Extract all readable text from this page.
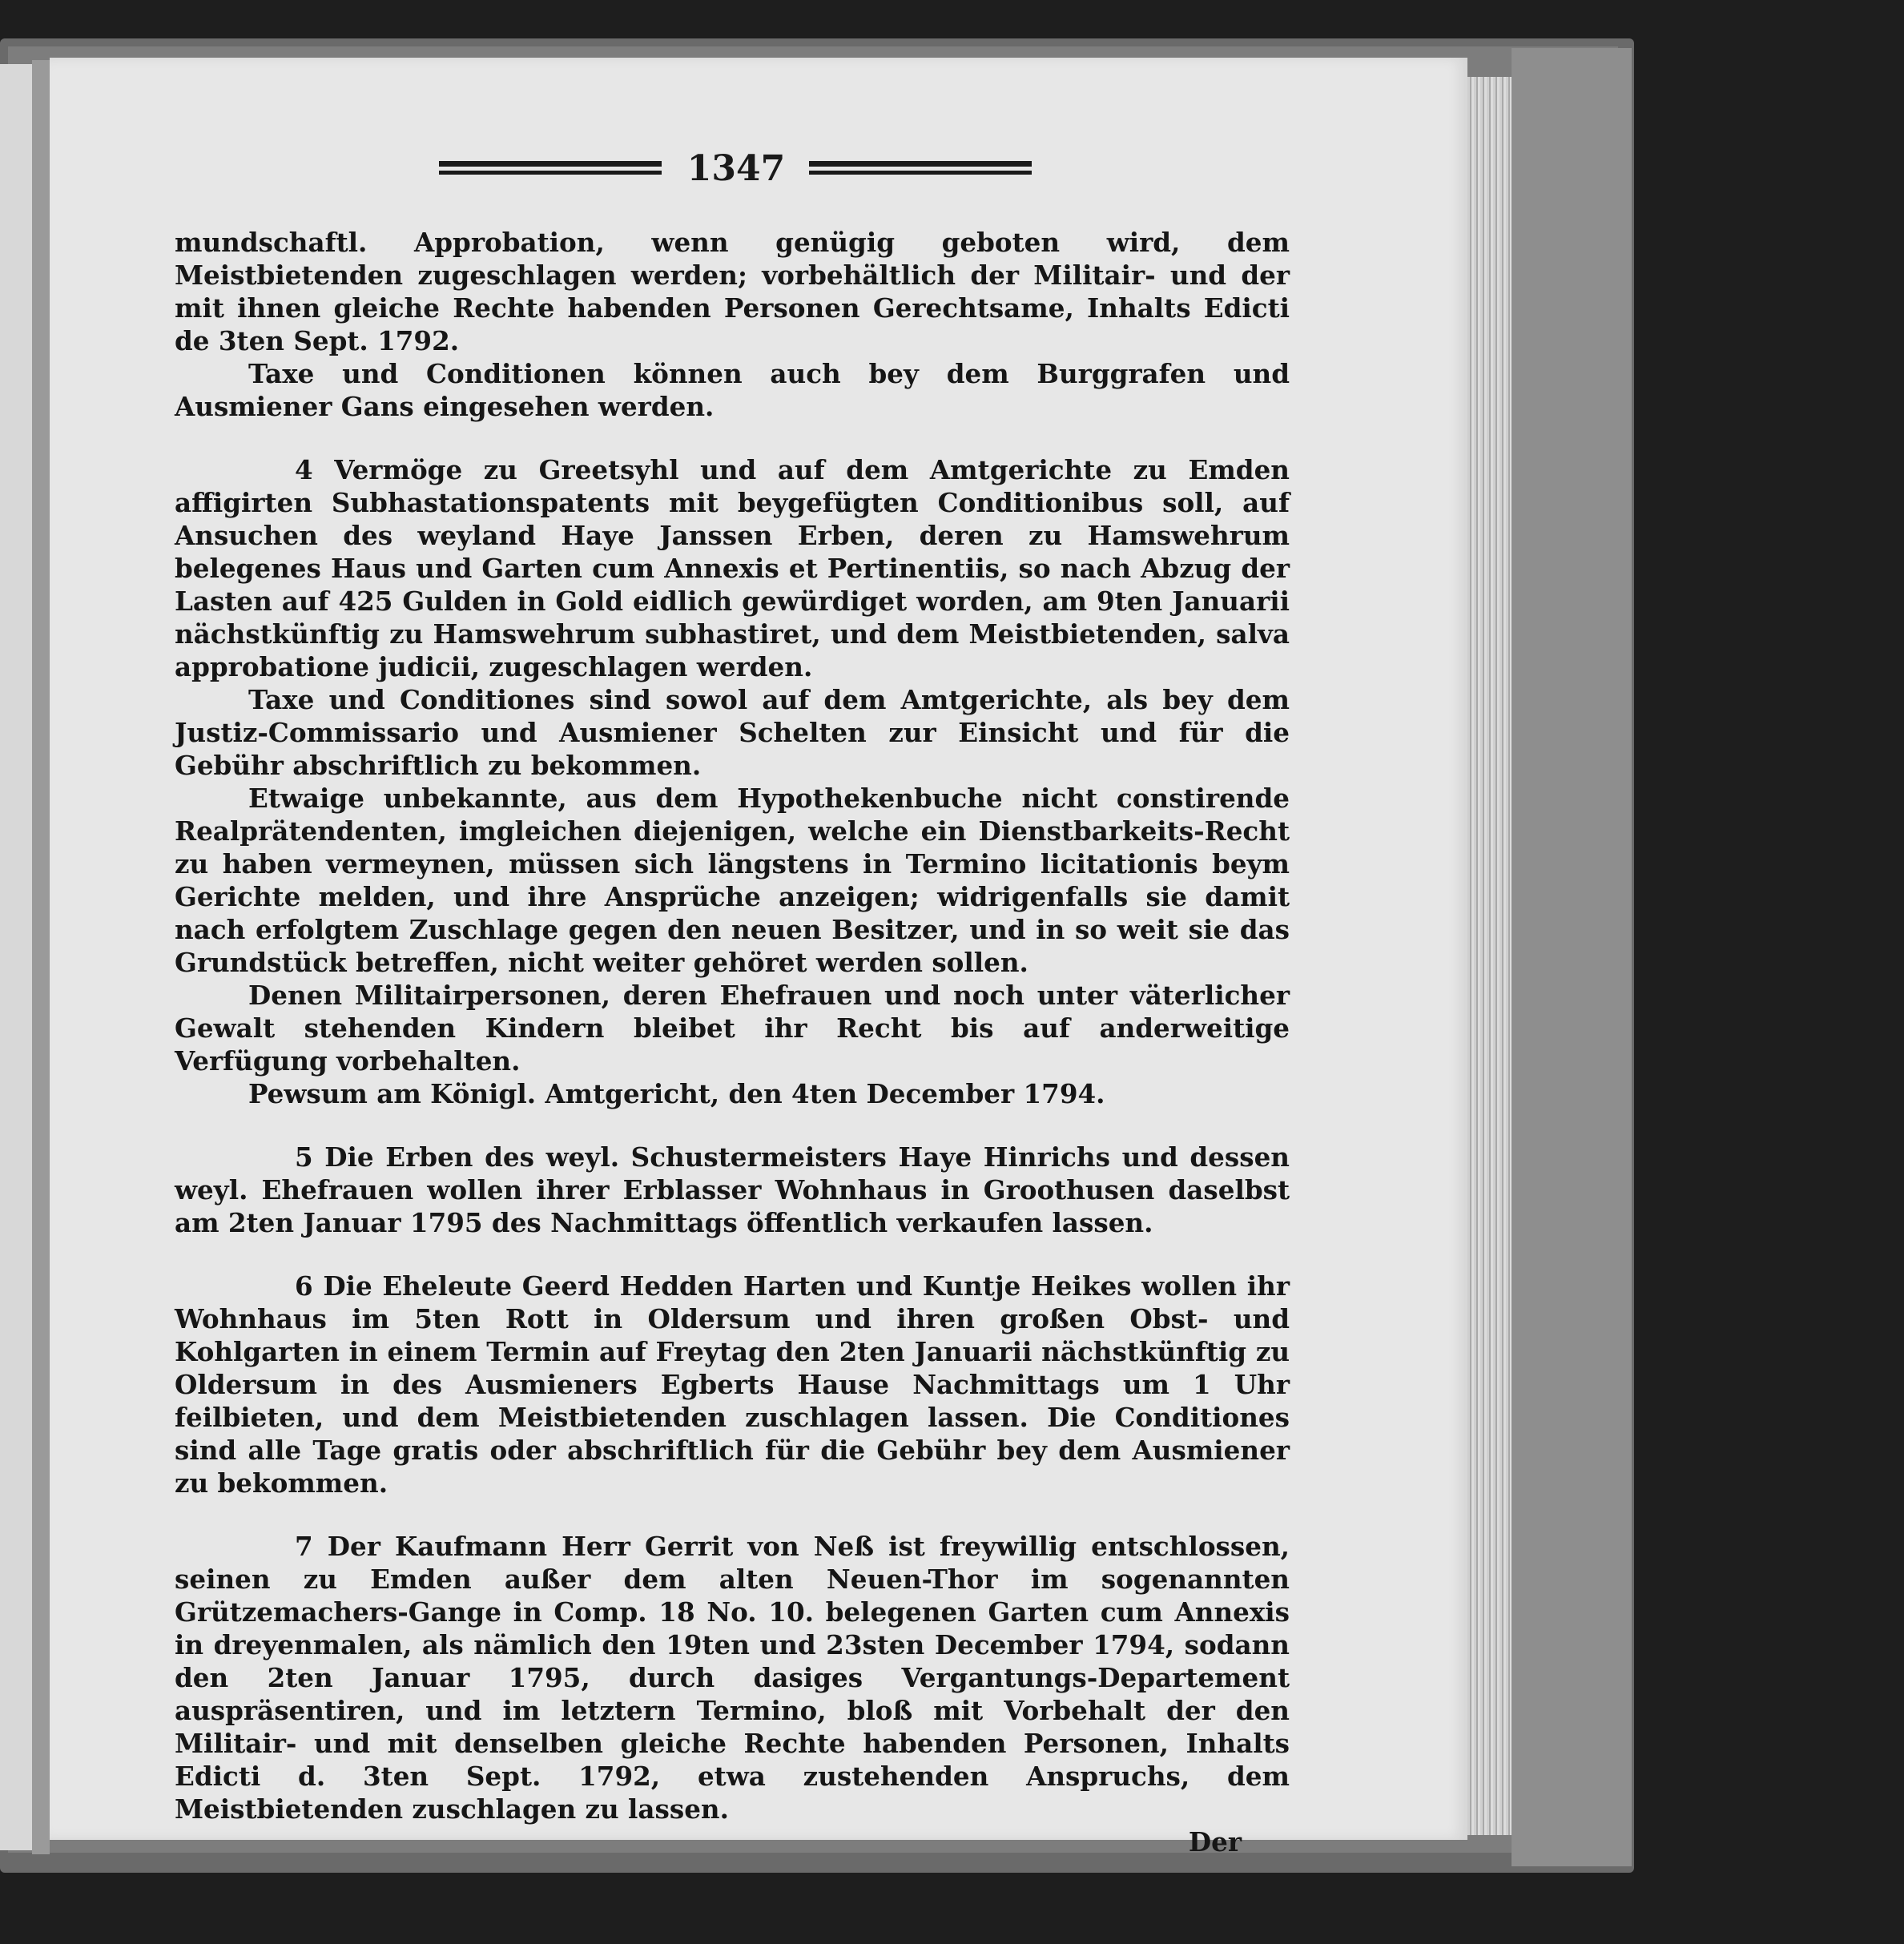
1347

mundschaftl. Approbation, wenn genügig geboten wird, dem Meistbietenden zugeschlagen werden; vorbehältlich der Militair- und der mit ihnen gleiche Rechte habenden Personen Gerechtsame, Inhalts Edicti de 3ten Sept. 1792.

Taxe und Conditionen können auch bey dem Burggrafen und Ausmiener Gans eingesehen werden.

4 Vermöge zu Greetsyhl und auf dem Amtgerichte zu Emden affigirten Subhastationspatents mit beygefügten Conditionibus soll, auf Ansuchen des weyland Haye Janssen Erben, deren zu Hamswehrum belegenes Haus und Garten cum Annexis et Pertinentiis, so nach Abzug der Lasten auf 425 Gulden in Gold eidlich gewürdiget worden, am 9ten Januarii nächstkünftig zu Hamswehrum subhastiret, und dem Meistbietenden, salva approbatione judicii, zugeschlagen werden.

Taxe und Conditiones sind sowol auf dem Amtgerichte, als bey dem Justiz-Commissario und Ausmiener Schelten zur Einsicht und für die Gebühr abschriftlich zu bekommen.

Etwaige unbekannte, aus dem Hypothekenbuche nicht constirende Realprätendenten, imgleichen diejenigen, welche ein Dienstbarkeits-Recht zu haben vermeynen, müssen sich längstens in Termino licitationis beym Gerichte melden, und ihre Ansprüche anzeigen; widrigenfalls sie damit nach erfolgtem Zuschlage gegen den neuen Besitzer, und in so weit sie das Grundstück betreffen, nicht weiter gehöret werden sollen.

Denen Militairpersonen, deren Ehefrauen und noch unter väterlicher Gewalt stehenden Kindern bleibet ihr Recht bis auf anderweitige Verfügung vorbehalten.

Pewsum am Königl. Amtgericht, den 4ten December 1794.

5 Die Erben des weyl. Schustermeisters Haye Hinrichs und dessen weyl. Ehefrauen wollen ihrer Erblasser Wohnhaus in Groothusen daselbst am 2ten Januar 1795 des Nachmittags öffentlich verkaufen lassen.

6 Die Eheleute Geerd Hedden Harten und Kuntje Heikes wollen ihr Wohnhaus im 5ten Rott in Oldersum und ihren großen Obst- und Kohlgarten in einem Termin auf Freytag den 2ten Januarii nächstkünftig zu Oldersum in des Ausmieners Egberts Hause Nachmittags um 1 Uhr feilbieten, und dem Meistbietenden zuschlagen lassen. Die Conditiones sind alle Tage gratis oder abschriftlich für die Gebühr bey dem Ausmiener zu bekommen.

7 Der Kaufmann Herr Gerrit von Neß ist freywillig entschlossen, seinen zu Emden außer dem alten Neuen-Thor im sogenannten Grützemachers-Gange in Comp. 18 No. 10. belegenen Garten cum Annexis in dreyenmalen, als nämlich den 19ten und 23sten December 1794, sodann den 2ten Januar 1795, durch dasiges Vergantungs-Departement auspräsentiren, und im letztern Termino, bloß mit Vorbehalt der den Militair- und mit denselben gleiche Rechte habenden Personen, Inhalts Edicti d. 3ten Sept. 1792, etwa zustehenden Anspruchs, dem Meistbietenden zuschlagen zu lassen.

Der
